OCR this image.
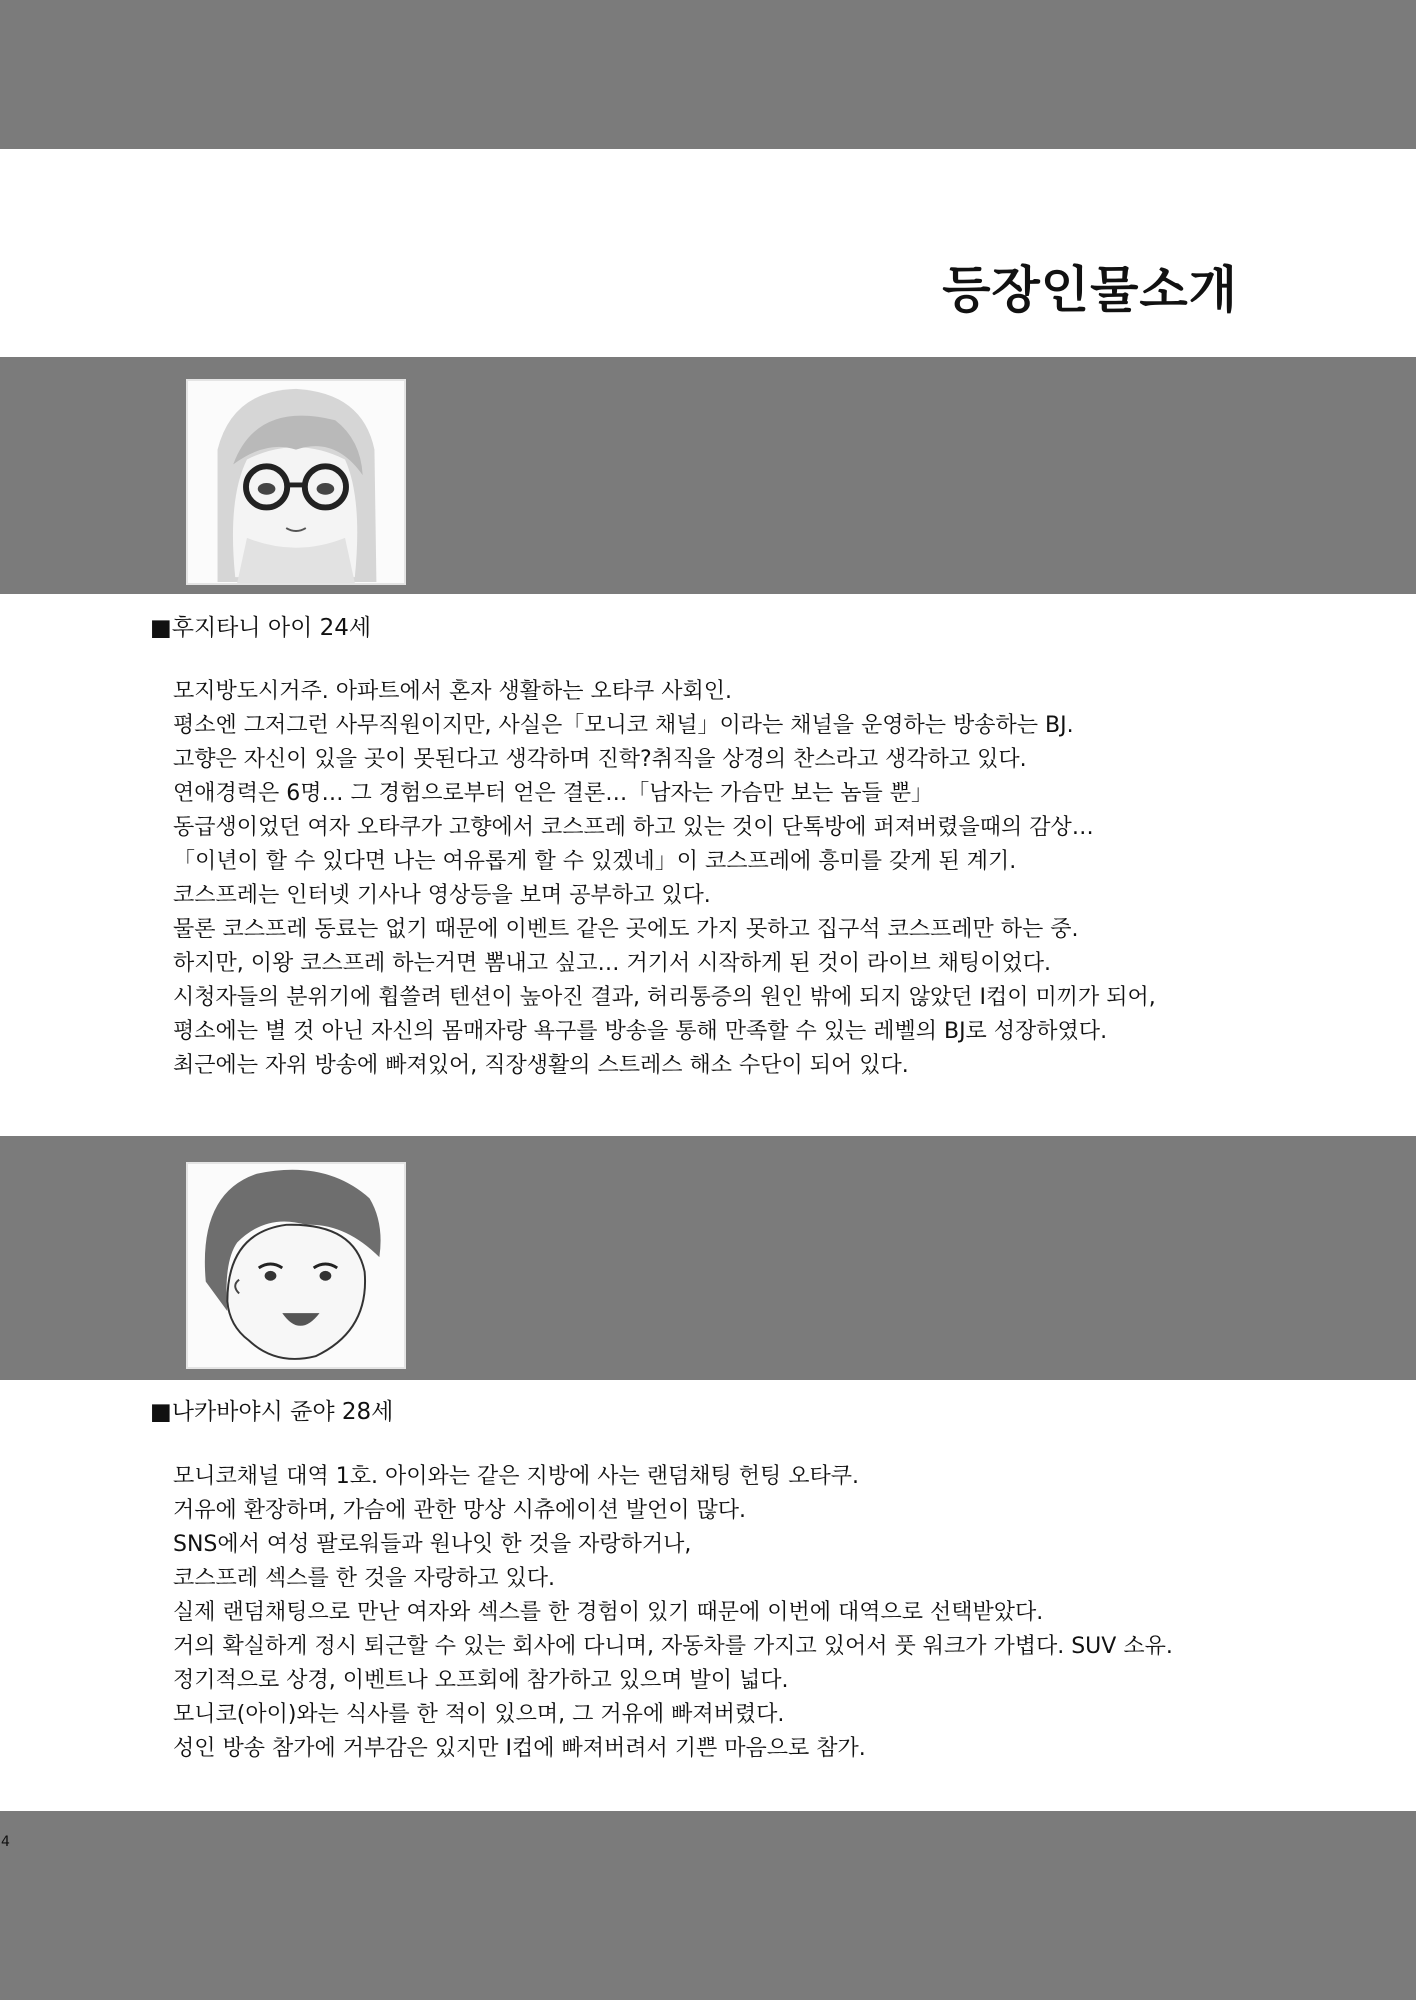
등장인물소개
■후지타니 아이 24세
모지방도시거주. 아파트에서 혼자 생활하는 오타쿠 사회인.
평소엔 그저그런 사무직원이지만, 사실은「모니코 채널」이라는 채널을 운영하는 방송하는 BJ.
고향은 자신이 있을 곳이 못된다고 생각하며 진학?취직을 상경의 찬스라고 생각하고 있다.
연애경력은 6명… 그 경험으로부터 얻은 결론…「남자는 가슴만 보는 놈들 뿐」
동급생이었던 여자 오타쿠가 고향에서 코스프레 하고 있는 것이 단톡방에 퍼져버렸을때의 감상…
「이년이 할 수 있다면 나는 여유롭게 할 수 있겠네」이 코스프레에 흥미를 갖게 된 계기.
코스프레는 인터넷 기사나 영상등을 보며 공부하고 있다.
물론 코스프레 동료는 없기 때문에 이벤트 같은 곳에도 가지 못하고 집구석 코스프레만 하는 중.
하지만, 이왕 코스프레 하는거면 뽐내고 싶고… 거기서 시작하게 된 것이 라이브 채팅이었다.
시청자들의 분위기에 휩쓸려 텐션이 높아진 결과, 허리통증의 원인 밖에 되지 않았던 I컵이 미끼가 되어,
평소에는 별 것 아닌 자신의 몸매자랑 욕구를 방송을 통해 만족할 수 있는 레벨의 BJ로 성장하였다.
최근에는 자위 방송에 빠져있어, 직장생활의 스트레스 해소 수단이 되어 있다.
■나카바야시 쥰야 28세
모니코채널 대역 1호. 아이와는 같은 지방에 사는 랜덤채팅 헌팅 오타쿠.
거유에 환장하며, 가슴에 관한 망상 시츄에이션 발언이 많다.
SNS에서 여성 팔로워들과 원나잇 한 것을 자랑하거나,
코스프레 섹스를 한 것을 자랑하고 있다.
실제 랜덤채팅으로 만난 여자와 섹스를 한 경험이 있기 때문에 이번에 대역으로 선택받았다.
거의 확실하게 정시 퇴근할 수 있는 회사에 다니며, 자동차를 가지고 있어서 풋 워크가 가볍다. SUV 소유.
정기적으로 상경, 이벤트나 오프회에 참가하고 있으며 발이 넓다.
모니코(아이)와는 식사를 한 적이 있으며, 그 거유에 빠져버렸다.
성인 방송 참가에 거부감은 있지만 I컵에 빠져버려서 기쁜 마음으로 참가.
4
